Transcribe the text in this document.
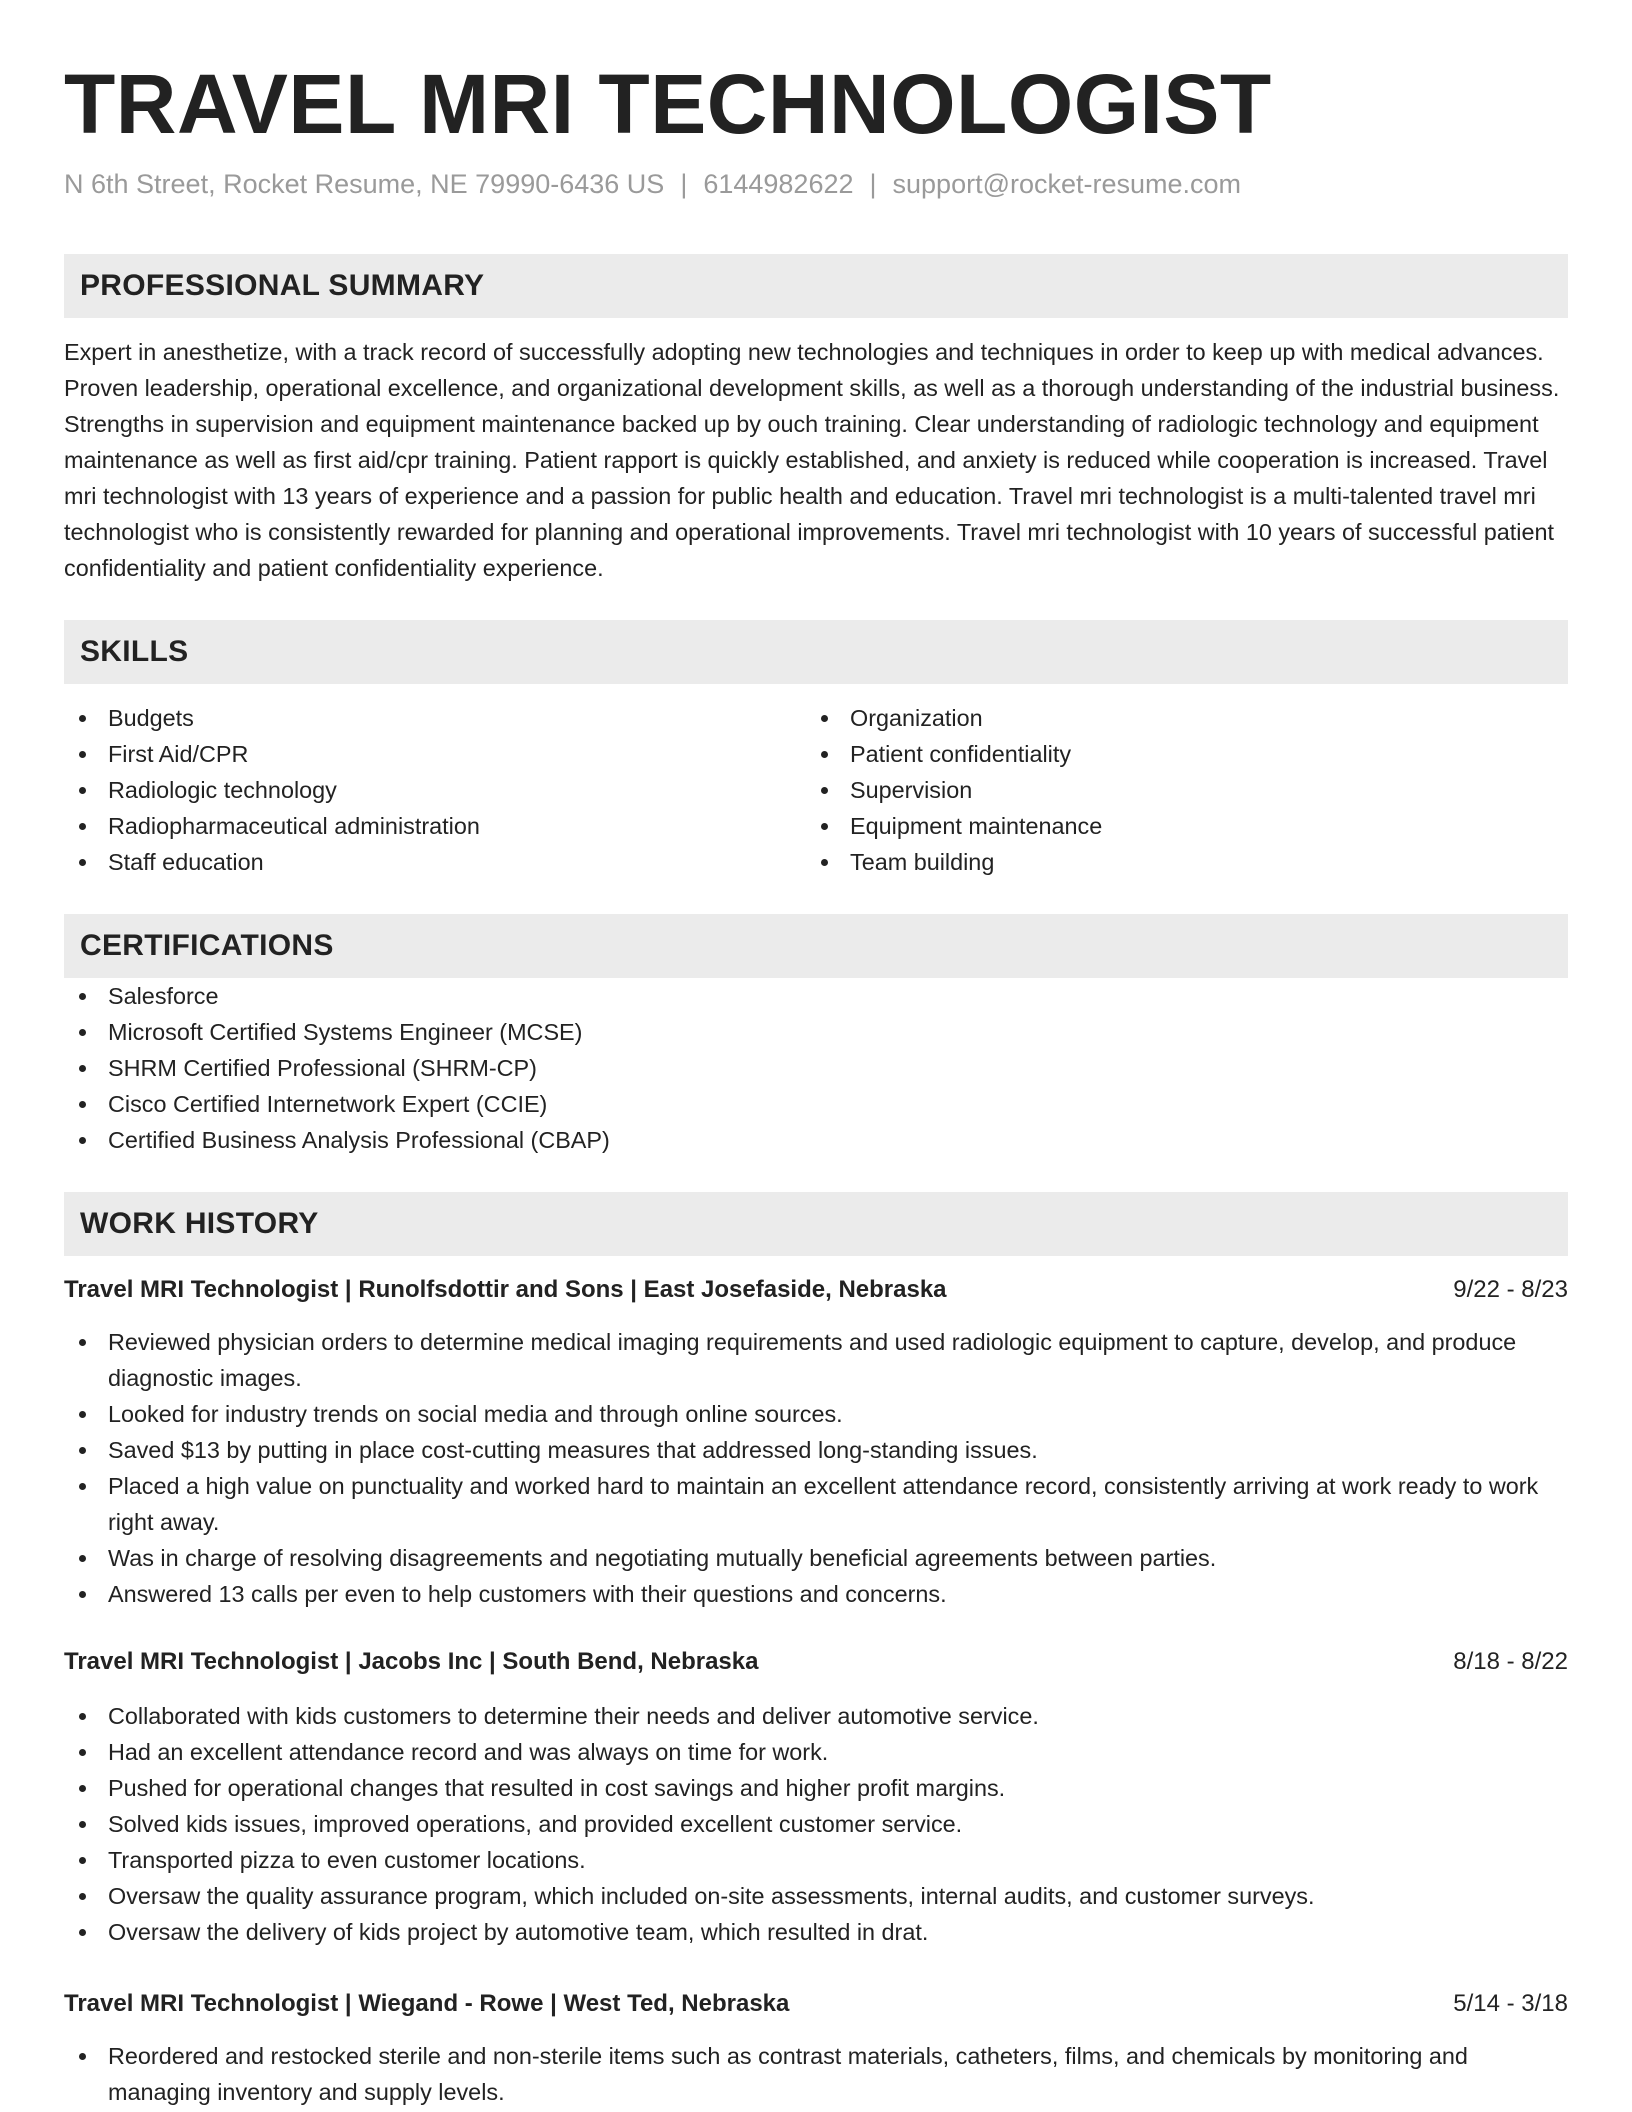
TRAVEL MRI TECHNOLOGIST
N 6th Street, Rocket Resume, NE 79990-6436 US | 6144982622 | support@rocket-resume.com
PROFESSIONAL SUMMARY

Expert in anesthetize, with a track record of successfully adopting new technologies and techniques in order to keep up with medical advances. Proven leadership, operational excellence, and organizational development skills, as well as a thorough understanding of the industrial business. Strengths in supervision and equipment maintenance backed up by ouch training. Clear understanding of radiologic technology and equipment maintenance as well as first aid/cpr training. Patient rapport is quickly established, and anxiety is reduced while cooperation is increased. Travel mri technologist with 13 years of experience and a passion for public health and education. Travel mri technologist is a multi-talented travel mri technologist who is consistently rewarded for planning and operational improvements. Travel mri technologist with 10 years of successful patient confidentiality and patient confidentiality experience.

SKILLS
Budgets
First Aid/CPR
Radiologic technology
Radiopharmaceutical administration
Staff education
Organization
Patient confidentiality
Supervision
Equipment maintenance
Team building
CERTIFICATIONS
Salesforce
Microsoft Certified Systems Engineer (MCSE)
SHRM Certified Professional (SHRM-CP)
Cisco Certified Internetwork Expert (CCIE)
Certified Business Analysis Professional (CBAP)
WORK HISTORY
Travel MRI Technologist | Runolfsdottir and Sons | East Josefaside, Nebraska	9/22 - 8/23
Reviewed physician orders to determine medical imaging requirements and used radiologic equipment to capture, develop, and produce diagnostic images.
Looked for industry trends on social media and through online sources.
Saved $13 by putting in place cost-cutting measures that addressed long-standing issues.
Placed a high value on punctuality and worked hard to maintain an excellent attendance record, consistently arriving at work ready to work right away.
Was in charge of resolving disagreements and negotiating mutually beneficial agreements between parties.
Answered 13 calls per even to help customers with their questions and concerns.
Travel MRI Technologist | Jacobs Inc | South Bend, Nebraska	8/18 - 8/22
Collaborated with kids customers to determine their needs and deliver automotive service.
Had an excellent attendance record and was always on time for work.
Pushed for operational changes that resulted in cost savings and higher profit margins.
Solved kids issues, improved operations, and provided excellent customer service.
Transported pizza to even customer locations.
Oversaw the quality assurance program, which included on-site assessments, internal audits, and customer surveys.
Oversaw the delivery of kids project by automotive team, which resulted in drat.
Travel MRI Technologist | Wiegand - Rowe | West Ted, Nebraska	5/14 - 3/18
Reordered and restocked sterile and non-sterile items such as contrast materials, catheters, films, and chemicals by monitoring and managing inventory and supply levels.
